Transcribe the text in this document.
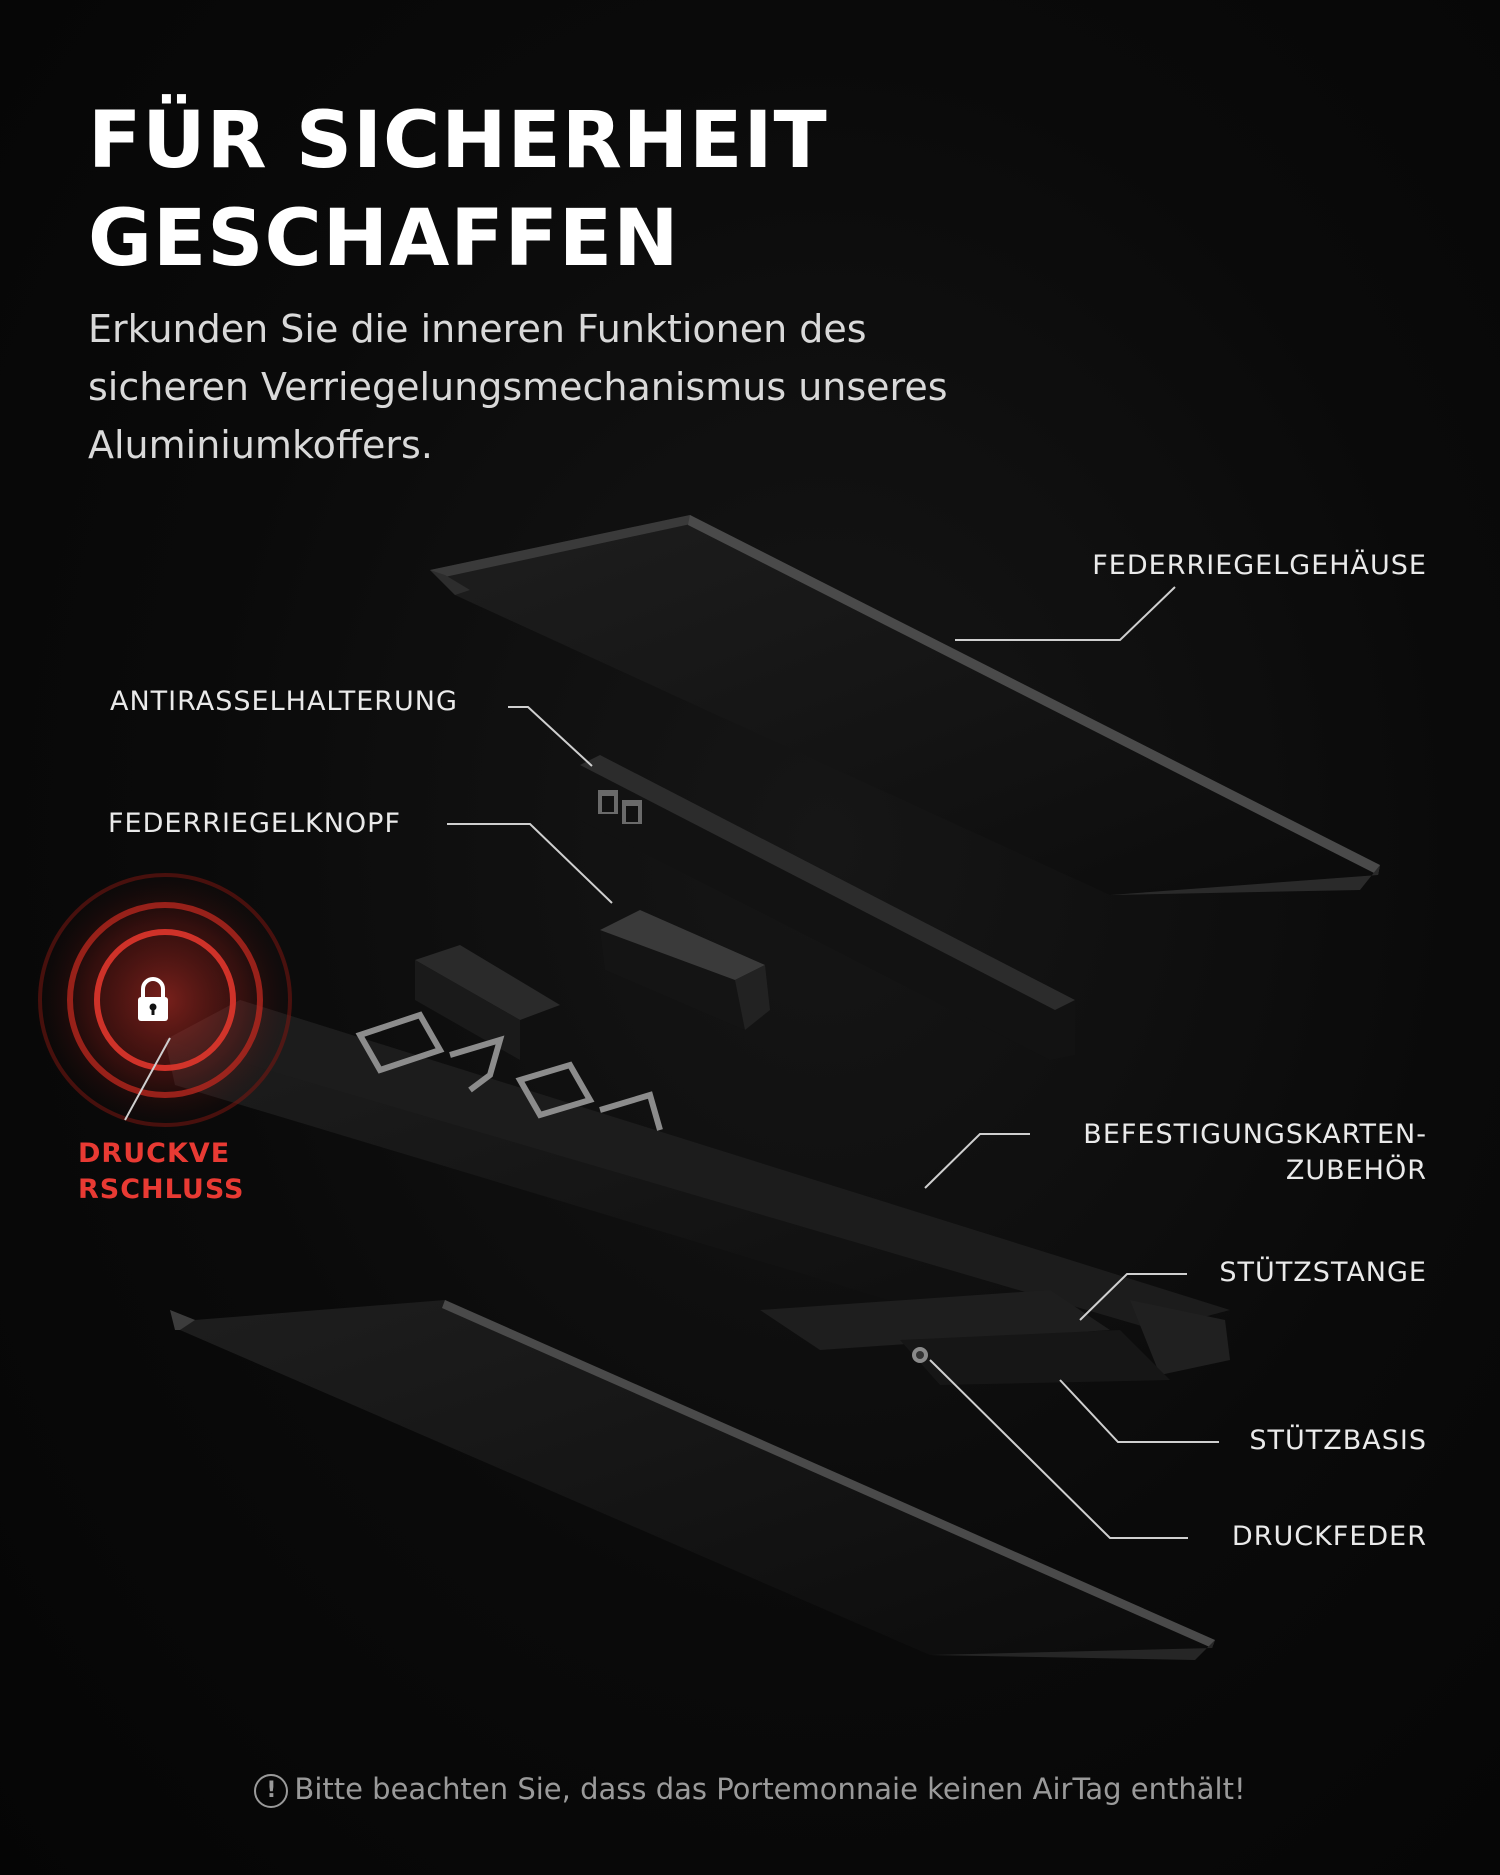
FÜR SICHERHEIT
GESCHAFFEN

Erkunden Sie die inneren Funktionen des
sicheren Verriegelungsmechanismus unseres
Aluminiumkoffers.

FEDERRIEGELGEHÄUSE
ANTIRASSELHALTERUNG
FEDERRIEGELKNOPF
DRUCKVE
RSCHLUSS
BEFESTIGUNGSKARTEN-
ZUBEHÖR
STÜTZSTANGE
STÜTZBASIS
DRUCKFEDER
! Bitte beachten Sie, dass das Portemonnaie keinen AirTag enthält!
